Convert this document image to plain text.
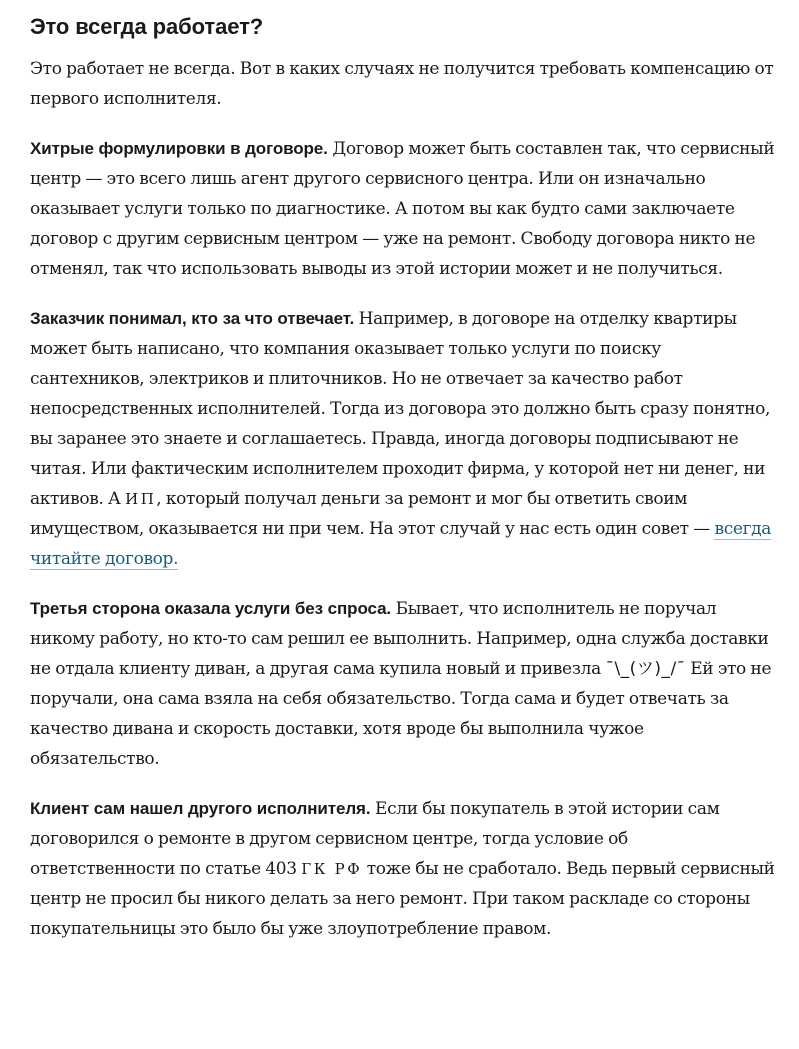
Это всегда работает?

Это работает не всегда. Вот в каких случаях не получится требовать компенсацию от первого исполнителя.

Хитрые формулировки в договоре. Договор может быть составлен так, что сервисный центр — это всего лишь агент другого сервисного центра. Или он изначально оказывает услуги только по диагностике. А потом вы как будто сами заключаете договор с другим сервисным центром — уже на ремонт. Свободу договора никто не отменял, так что использовать выводы из этой истории может и не получиться.

Заказчик понимал, кто за что отвечает. Например, в договоре на отделку квартиры может быть написано, что компания оказывает только услуги по поиску сантехников, электриков и плиточников. Но не отвечает за качество работ непосредственных исполнителей. Тогда из договора это должно быть сразу понятно, вы заранее это знаете и соглашаетесь. Правда, иногда договоры подписывают не читая. Или фактическим исполнителем проходит фирма, у которой нет ни денег, ни активов. А ИП, который получал деньги за ремонт и мог бы ответить своим имуществом, оказывается ни при чем. На этот случай у нас есть один совет — всегда читайте договор.

Третья сторона оказала услуги без спроса. Бывает, что исполнитель не поручал никому работу, но кто-то сам решил ее выполнить. Например, одна служба доставки не отдала клиенту диван, а другая сама купила новый и привезла ¯\_(ツ)_/¯ Ей это не поручали, она сама взяла на себя обязательство. Тогда сама и будет отвечать за качество дивана и скорость доставки, хотя вроде бы выполнила чужое обязательство.

Клиент сам нашел другого исполнителя. Если бы покупатель в этой истории сам договорился о ремонте в другом сервисном центре, тогда условие об ответственности по статье 403 ГК РФ тоже бы не сработало. Ведь первый сервисный центр не просил бы никого делать за него ремонт. При таком раскладе со стороны покупательницы это было бы уже злоупотребление правом.
